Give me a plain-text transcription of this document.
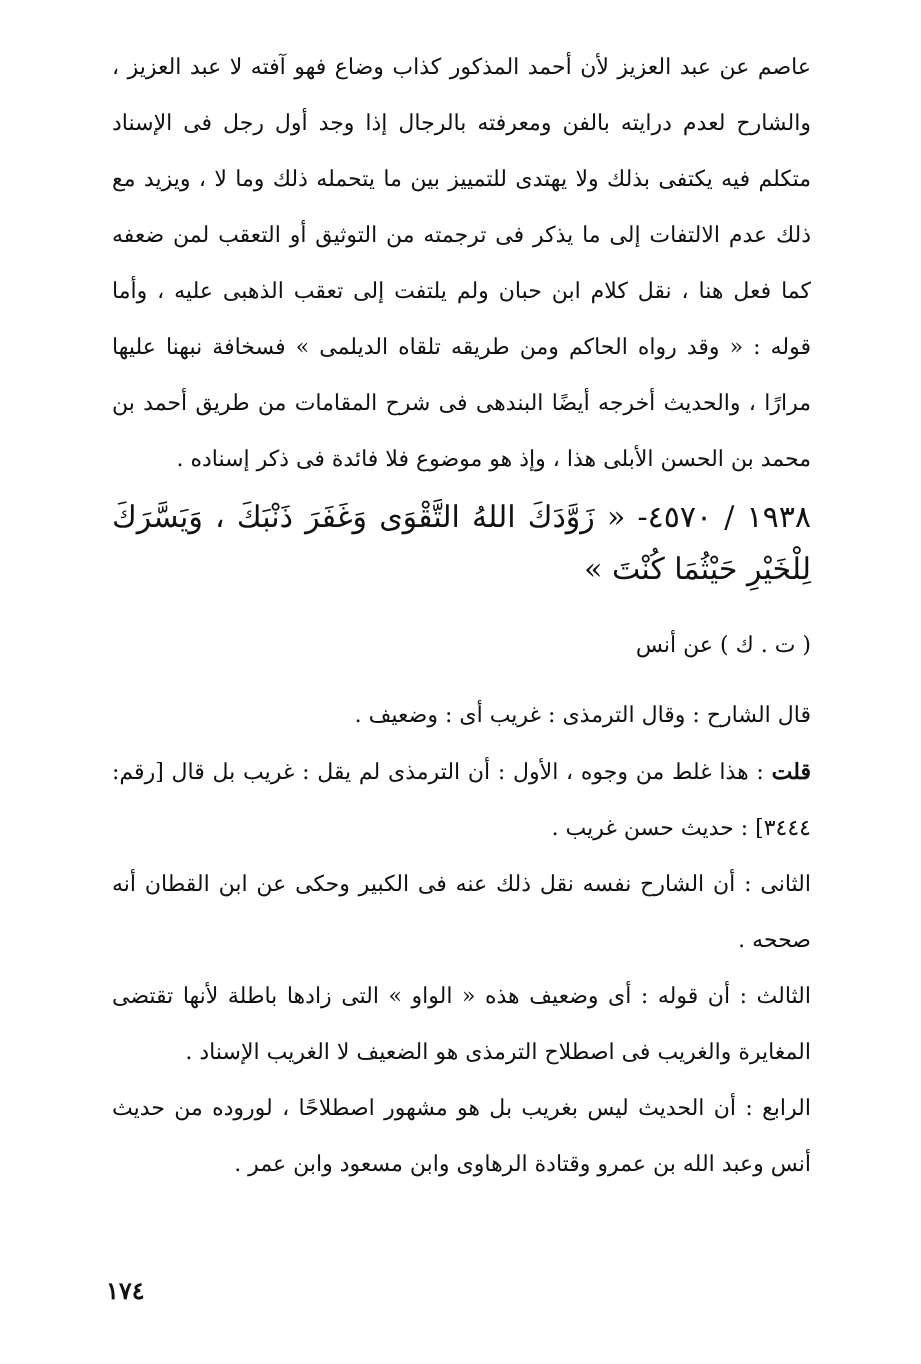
عاصم عن عبد العزيز لأن أحمد المذكور كذاب وضاع فهو آفته لا عبد العزيز ، والشارح لعدم درايته بالفن ومعرفته بالرجال إذا وجد أول رجل فى الإسناد متكلم فيه يكتفى بذلك ولا يهتدى للتمييز بين ما يتحمله ذلك وما لا ، ويزيد مع ذلك عدم الالتفات إلى ما يذكر فى ترجمته من التوثيق أو التعقب لمن ضعفه كما فعل هنا ، نقل كلام ابن حبان ولم يلتفت إلى تعقب الذهبى عليه ، وأما قوله : « وقد رواه الحاكم ومن طريقه تلقاه الديلمى » فسخافة نبهنا عليها مرارًا ، والحديث أخرجه أيضًا البندهى فى شرح المقامات من طريق أحمد بن محمد بن الحسن الأبلى هذا ، وإذ هو موضوع فلا فائدة فى ذكر إسناده .

١٩٣٨ / ٤٥٧٠- « زَوَّدَكَ اللهُ التَّقْوَى وَغَفَرَ ذَنْبَكَ ، وَيَسَّرَكَ لِلْخَيْرِ حَيْثُمَا كُنْتَ »

( ت . ك ) عن أنس

قال الشارح : وقال الترمذى : غريب أى : وضعيف .

قلت : هذا غلط من وجوه ، الأول : أن الترمذى لم يقل : غريب بل قال [رقم: ٣٤٤٤] : حديث حسن غريب .

الثانى : أن الشارح نفسه نقل ذلك عنه فى الكبير وحكى عن ابن القطان أنه صححه .

الثالث : أن قوله : أى وضعيف هذه « الواو » التى زادها باطلة لأنها تقتضى المغايرة والغريب فى اصطلاح الترمذى هو الضعيف لا الغريب الإسناد .

الرابع : أن الحديث ليس بغريب بل هو مشهور اصطلاحًا ، لوروده من حديث أنس وعبد الله بن عمرو وقتادة الرهاوى وابن مسعود وابن عمر .

١٧٤
